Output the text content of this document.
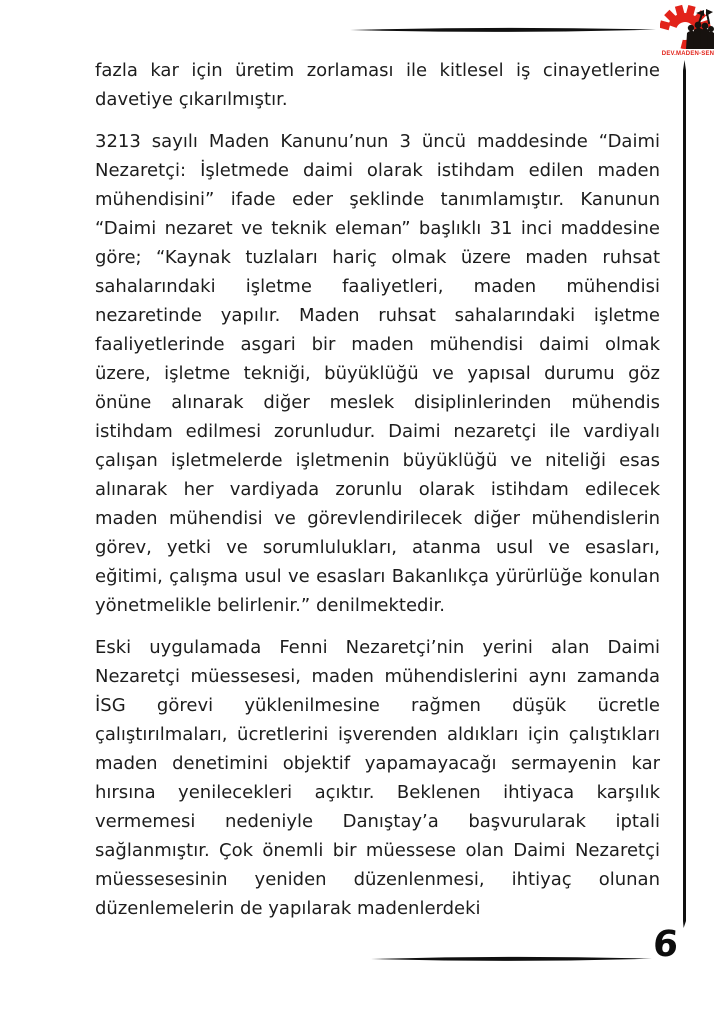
DEV.MADEN-SEN

fazla kar için üretim zorlaması ile kitlesel iş cinayetlerine davetiye çıkarılmıştır.

3213 sayılı Maden Kanunu’nun 3 üncü maddesinde “Daimi Nezaretçi: İşletmede daimi olarak istihdam edilen maden mühendisini” ifade eder şeklinde tanımlamıştır. Kanunun “Daimi nezaret ve teknik eleman” başlıklı 31 inci maddesine göre; “Kaynak tuzlaları hariç olmak üzere maden ruhsat sahalarındaki işletme faaliyetleri, maden mühendisi nezaretinde yapılır. Maden ruhsat sahalarındaki işletme faaliyetlerinde asgari bir maden mühendisi daimi olmak üzere, işletme tekniği, büyüklüğü ve yapısal durumu göz önüne alınarak diğer meslek disiplinlerinden mühendis istihdam edilmesi zorunludur. Daimi nezaretçi ile vardiyalı çalışan işletmelerde işletmenin büyüklüğü ve niteliği esas alınarak her vardiyada zorunlu olarak istihdam edilecek maden mühendisi ve görevlendirilecek diğer mühendislerin görev, yetki ve sorumlulukları, atanma usul ve esasları, eğitimi, çalışma usul ve esasları Bakanlıkça yürürlüğe konulan yönetmelikle belirlenir.” denilmektedir.

Eski uygulamada Fenni Nezaretçi’nin yerini alan Daimi Nezaretçi müessesesi, maden mühendislerini aynı zamanda İSG görevi yüklenilmesine rağmen düşük ücretle çalıştırılmaları, ücretlerini işverenden aldıkları için çalıştıkları maden denetimini objektif yapamayacağı sermayenin kar hırsına yenilecekleri açıktır. Beklenen ihtiyaca karşılık vermemesi nedeniyle Danıştay’a başvurularak iptali sağlanmıştır. Çok önemli bir müessese olan Daimi Nezaretçi müessesesinin yeniden düzenlenmesi, ihtiyaç olunan düzenlemelerin de yapılarak madenlerdeki

6
